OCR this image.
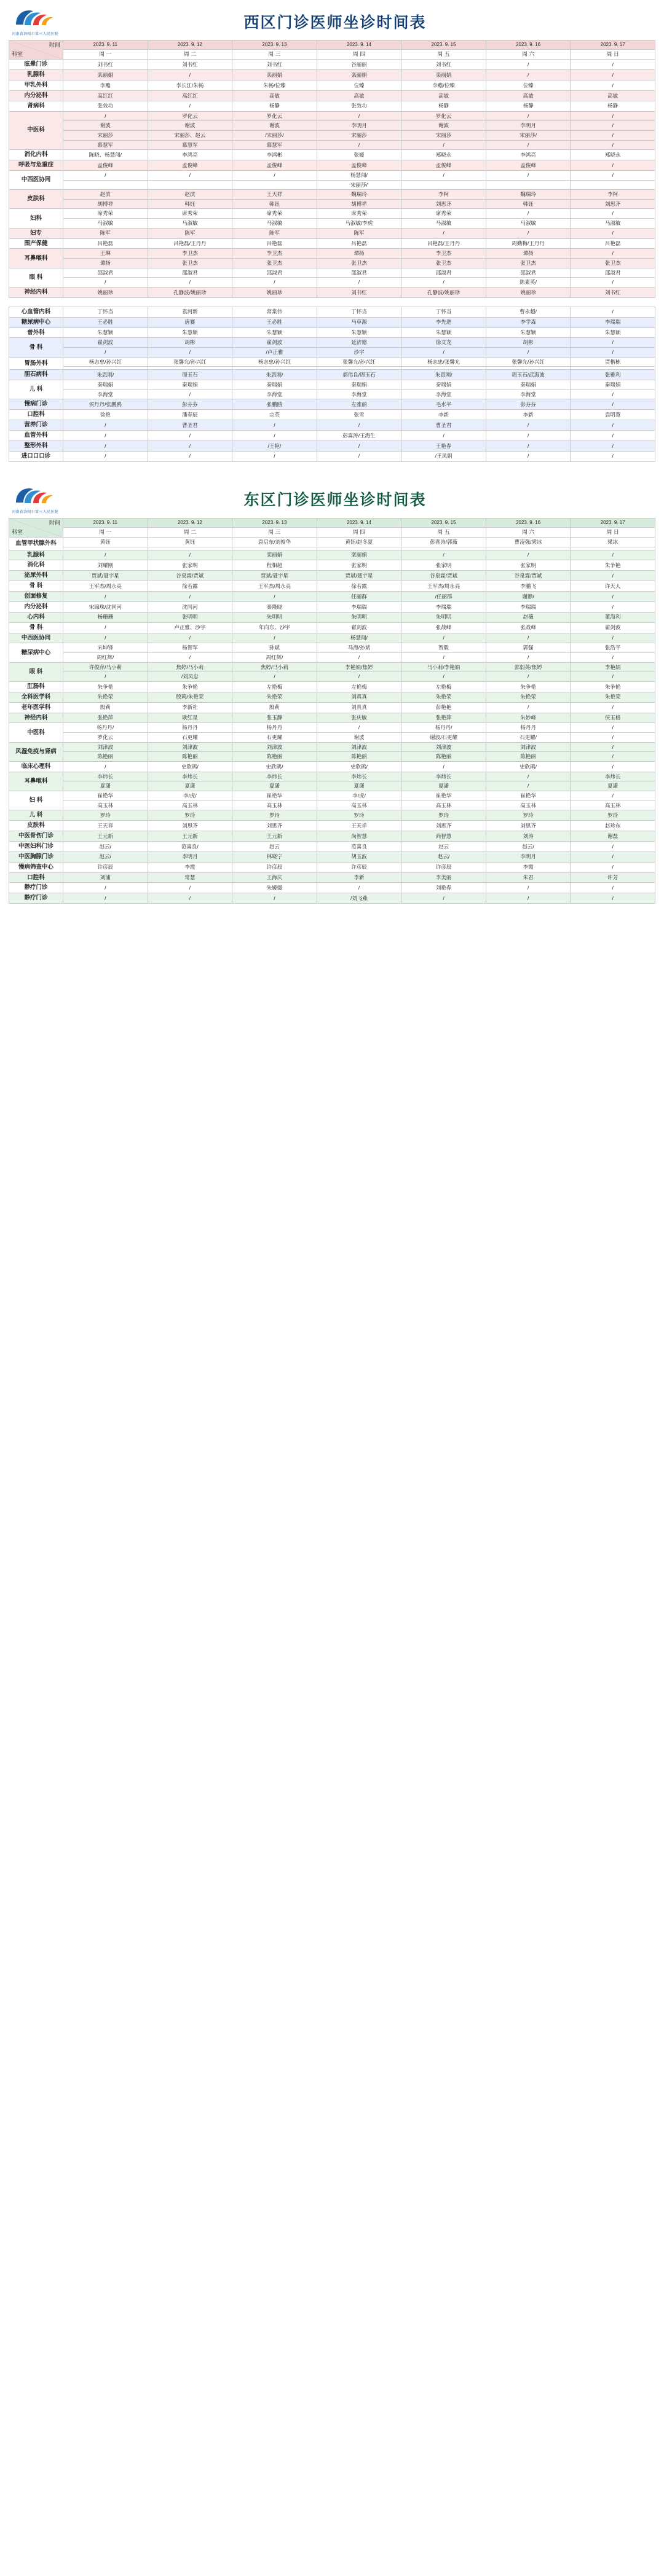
河南省洛阳市第三人民医院
西区门诊医师坐诊时间表
时间
科室	2023. 9. 11	2023. 9. 12	2023. 9. 13	2023. 9. 14	2023. 9. 15	2023. 9. 16	2023. 9. 17
	周 一	周 二	周 三	周 四	周 五	周 六	周 日
眩晕门诊	刘书红	刘书红	刘书红	谷丽丽	刘书红	/	/
乳腺科	栾丽娟	/	栾丽娟	栾丽娟	栾丽娟	/	/
甲乳外科	李赡	李长江/朱畅	朱畅/位臻	位臻	李赡/位臻	位臻	/
内分泌科	高红红	高红红	高敏	高敏	高敏	高敏	高敏
肾病科	张效功	/	杨静	张效功	杨静	杨静	杨静
中医科	/	罗化云	罗化云	/	罗化云	/	/
	谢波	谢波	谢波	李明月	谢波	李明月	/
	宋丽莎	宋丽莎、赵云	/宋丽莎/	宋丽莎	宋丽莎	宋丽莎/	/
	慕慧军	慕慧军	慕慧军	/	/	/	/
消化内科	陈晓、杨慧闯/	李鸿亮	李鸿彬	张媛	郑晓永	李鸿亮	郑晓永
呼吸与危重症	孟俊峰	孟俊峰	孟俊峰	孟俊峰	孟俊峰	孟俊峰	/
中西医协同	/	/	/	杨慧闯/	/	/	/
				宋丽莎/			
皮肤科	赵滨	赵滨	王天祥	魏瑞玲	李柯	魏瑞玲	李柯
	胡博祥	韩钰	韩钰	胡博祥	刘思齐	韩钰	刘思齐
妇科	席秀荣	席秀荣	席秀荣	席秀荣	席秀荣	/	/
	马淑敏	马淑敏	马淑敏	马淑敏/李虎	马淑敏	马淑敏	马淑敏
妇专	陈军	陈军	陈军	陈军	/	/	/
围产保健	吕艳磊	吕艳磊/王丹丹	吕艳磊	吕艳磊	吕艳磊/王丹丹	周勤梅/王丹丹	吕艳磊
耳鼻喉科	王琳	李卫杰	李卫杰	谭扬	李卫杰	谭扬	/
	谭扬	张卫杰	张卫杰	张卫杰	张卫杰	张卫杰	张卫杰
眼 科	邵淑君	邵淑君	邵淑君	邵淑君	邵淑君	邵淑君	邵淑君
	/	/	/	/	/	陈素英/	/
神经内科	姚丽珍	孔静波/姚丽珍	姚丽珍	刘书红	孔静波/姚丽珍	姚丽珍	刘书红
心血管内科	丁怀当	袁河新	常棠伟	丁怀当	丁怀当	曹永超/	/
糖尿病中心	王必胜	唐赛	王必胜	马草源	李先进	李学森	李瑞瑞
普外科	朱慧颖	朱慧颖	朱慧颖	朱慧颖	朱慧颖	朱慧颖	朱慧颖
骨 科	翟剑波	胡彬	翟剑波	延济德	徐文龙	胡彬	/
	/	/	/卢正雅	沙宇	/	/	/
胃肠外科	杨志忠/孙兴红	张馨允/孙兴红	杨志忠/孙兴红	张馨允/孙兴红	杨志忠/张馨允	张馨允/孙兴红	贾楷栋

胆石病科	朱恩刚/	周玉石	朱恩刚/	郝伟良/周玉石	朱恩刚/	周玉石/武海波	张雅利
儿 科	秦瑞娟	秦瑞娟	秦瑞娟	秦瑞娟	秦瑞娟	秦瑞娟	秦瑞娟
	李海堂	/	李海堂	李海堂	李海堂	李海堂	/
慢病门诊	侯丹丹/张鹏鸥	彭芬芬	张鹏鸥	左雅丽	毛水平	彭芬芬	/
口腔科	徐艳	潘春辰	宗英	张雪	李新	李新	袁明慧
营养门诊	/	曹圣君	/	/	曹圣君	/	/
血管外科	/	/	/	彭喜涛/王海生	/	/	/
整形外科	/	/	/王艳/	/	王艳春	/	/
进口口口诊	/	/	/	/	/王凤娟	/	/
河南省洛阳市第三人民医院
东区门诊医师坐诊时间表
时间
科室	2023. 9. 11	2023. 9. 12	2023. 9. 13	2023. 9. 14	2023. 9. 15	2023. 9. 16	2023. 9. 17
	周 一	周 二	周 三	周 四	周 五	周 六	周 日
血管甲状腺外科	黄钰	黄钰	袁启东/刘俊华	黄钰/赵冬夏	彭喜涛/郭薇	曹凌强/梁冰	梁冰

乳腺科	/	/	栾丽娟	栾丽娟	/	/	/
消化科	刘耀刚	张家明	程相超	张家明	张家明	张家明	朱争艳
泌尿外科	贾斌/聂宇星	谷泉霖/贾斌	贾斌/聂宇星	贾斌/聂宇星	谷泉霖/贾斌	谷泉霖/贾斌	/
骨 科	王军杰/周永亮	徐若露	王军杰/周永亮	徐若露	王军杰/周永亮	李鹏飞	许天人
创面修复	/	/	/	任丽群	/任丽群	谢静/	/
内分泌科	宋锦珠/沈同河	沈同河	秦隆晓	李瑞瑞	李瑞瑞	李瑞瑞	/
心内科	杨珊珊	张明明	朱明明	朱明明	朱明明	赵薇	董海利
骨 科	/	卢正雅、沙宇	年向东、沙宇	翟剑波	张战峰	张战峰	翟剑波
中西医协同	/	/	/	杨慧闯/	/	/	/
糖尿病中心	宋坤锋	杨智军	孙斌	马海/孙斌	贺毅	郭强	张浩平
	周红辉/	/	周红辉/	/	/	/	/
眼 科	许俊萍/马小莉	焦婷/马小莉	焦婷/马小莉	李艳娟/焦婷	马小莉/李艳娟	郭弱英/焦婷	李艳娟
	/	/刘凤忠	/	/	/	/	/
肛肠科	朱争艳	朱争艳	左艳梅	左艳梅	左艳梅	朱争艳	朱争艳
全科医学科	朱艳荣	殷莉/朱艳荣	朱艳荣	刘真真	朱艳荣	朱艳荣	朱艳荣
老年医学科	殷莉	李新社	殷莉	刘真真	彭艳艳	/	/
神经内科	张艳萍	耿红星	张玉静	张庆敏	张艳萍	朱妙峰	侯玉格
中医科	杨丹丹/	杨丹丹	杨丹丹	/	杨丹丹/	杨丹丹	/
	罗化云	石更耀	石更耀	谢波	谢波/石更耀	石更耀/	/
风湿免疫与肾病	刘津波	刘津波	刘津波	刘津波	刘津波	刘津波	/
	陈艳丽	陈艳丽	陈艳丽	陈艳丽	陈艳丽	陈艳丽	/
临床心理科	/	史欣鹃/	史欣鹃/	史欣鹃/	/	史欣鹃/	/
耳鼻喉科	李炜长	李炜长	李炜长	李炜长	李炜长	/	李炜长
	夏潇	夏潇	夏潇	夏潇	夏潇	/	夏潇
妇 科	崔艳华	李/虎/	崔艳华	李/虎/	崔艳华	崔艳华	/
	高玉林	高玉林	高玉林	高玉林	高玉林	高玉林	高玉林
儿 科	罗玲	罗玲	罗玲	罗玲	罗玲	罗玲	罗玲
皮肤科	王天祥	刘思齐	刘思齐	王天祥	刘思齐	刘思齐	赵珍东
中医骨伤门诊	王元新	王元新	王元新	尚智慧	尚智慧	刘涛	谢磊
中医妇科门诊	赵云/	范喜良/	赵云	范喜良	赵云	赵云/	/
中医胸腺门诊	赵云/	李明月	林晓宁	胡玉波	赵云/	李明月	/
慢病筛查中心	许彦辰	李霞	许彦辰	许彦辰	许彦辰	李霞	/
口腔科	刘浦	常慧	王海庆	李新	李美丽	朱君	许芳
静疗门诊	/	/	朱媛媛	/	刘艳春	/	/
静疗门诊	/	/	/	/刘飞燕	/	/	/
